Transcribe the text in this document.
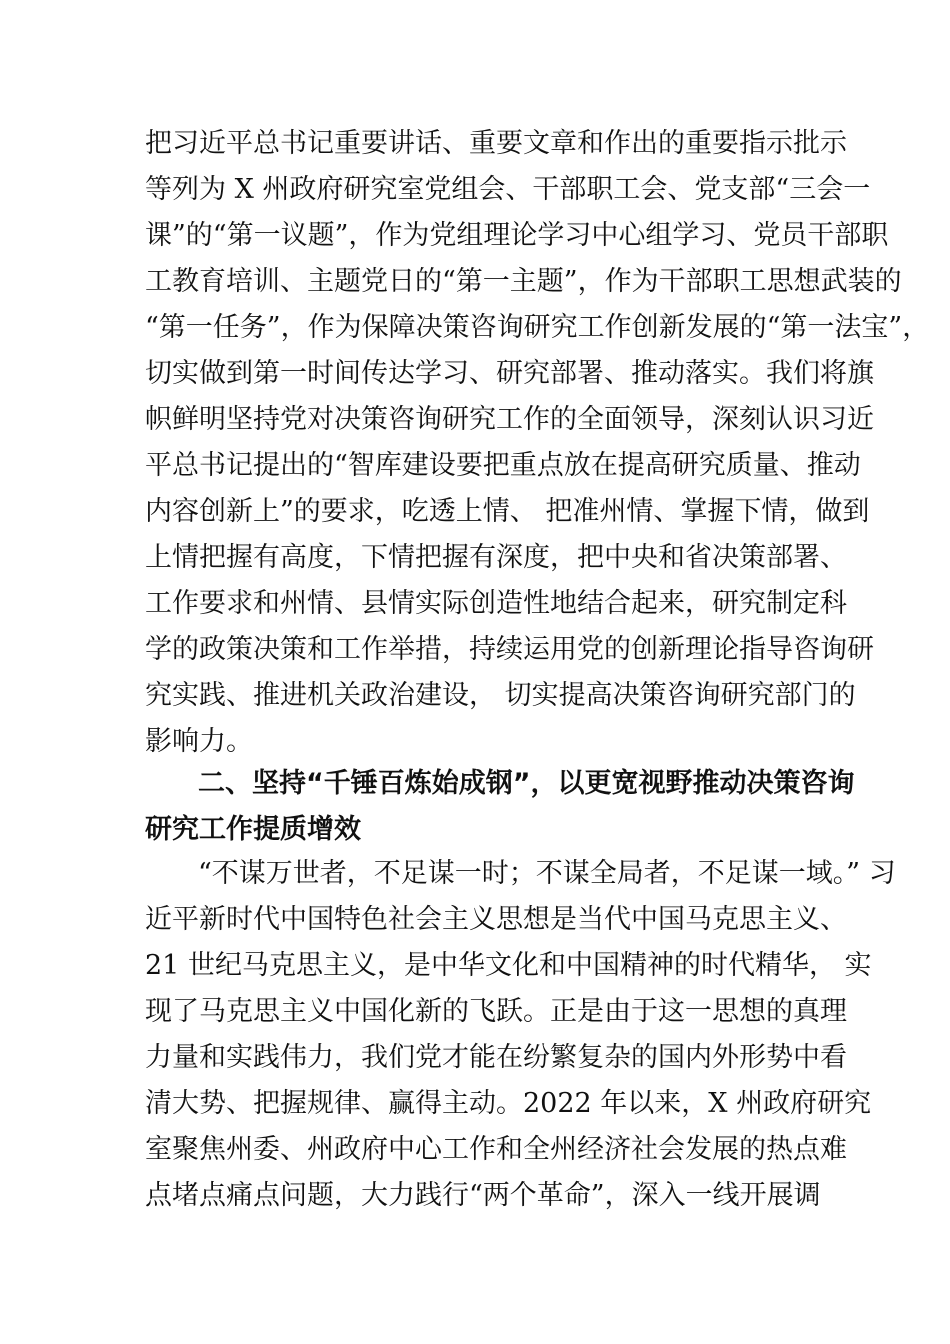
把习近平总书记重要讲话、重要文章和作出的重要指示批示
等列为 X 州政府研究室党组会、干部职工会、党支部“三会一
课”的“第一议题”，作为党组理论学习中心组学习、党员干部职
工教育培训、主题党日的“第一主题”，作为干部职工思想武装的
“第一任务”，作为保障决策咨询研究工作创新发展的“第一法宝”，
切实做到第一时间传达学习、研究部署、推动落实。我们将旗
帜鲜明坚持党对决策咨询研究工作的全面领导，深刻认识习近
平总书记提出的“智库建设要把重点放在提高研究质量、推动
内容创新上”的要求，吃透上情、 把准州情、掌握下情，做到
上情把握有高度，下情把握有深度，把中央和省决策部署、
工作要求和州情、县情实际创造性地结合起来，研究制定科
学的政策决策和工作举措，持续运用党的创新理论指导咨询研
究实践、推进机关政治建设， 切实提高决策咨询研究部门的
影响力。
二、坚持“千锤百炼始成钢”，以更宽视野推动决策咨询
研究工作提质增效
“不谋万世者，不足谋一时；不谋全局者，不足谋一域。” 习
近平新时代中国特色社会主义思想是当代中国马克思主义、
21 世纪马克思主义，是中华文化和中国精神的时代精华， 实
现了马克思主义中国化新的飞跃。正是由于这一思想的真理
力量和实践伟力，我们党才能在纷繁复杂的国内外形势中看
清大势、把握规律、赢得主动。2022 年以来，X 州政府研究
室聚焦州委、州政府中心工作和全州经济社会发展的热点难
点堵点痛点问题，大力践行“两个革命”，深入一线开展调
